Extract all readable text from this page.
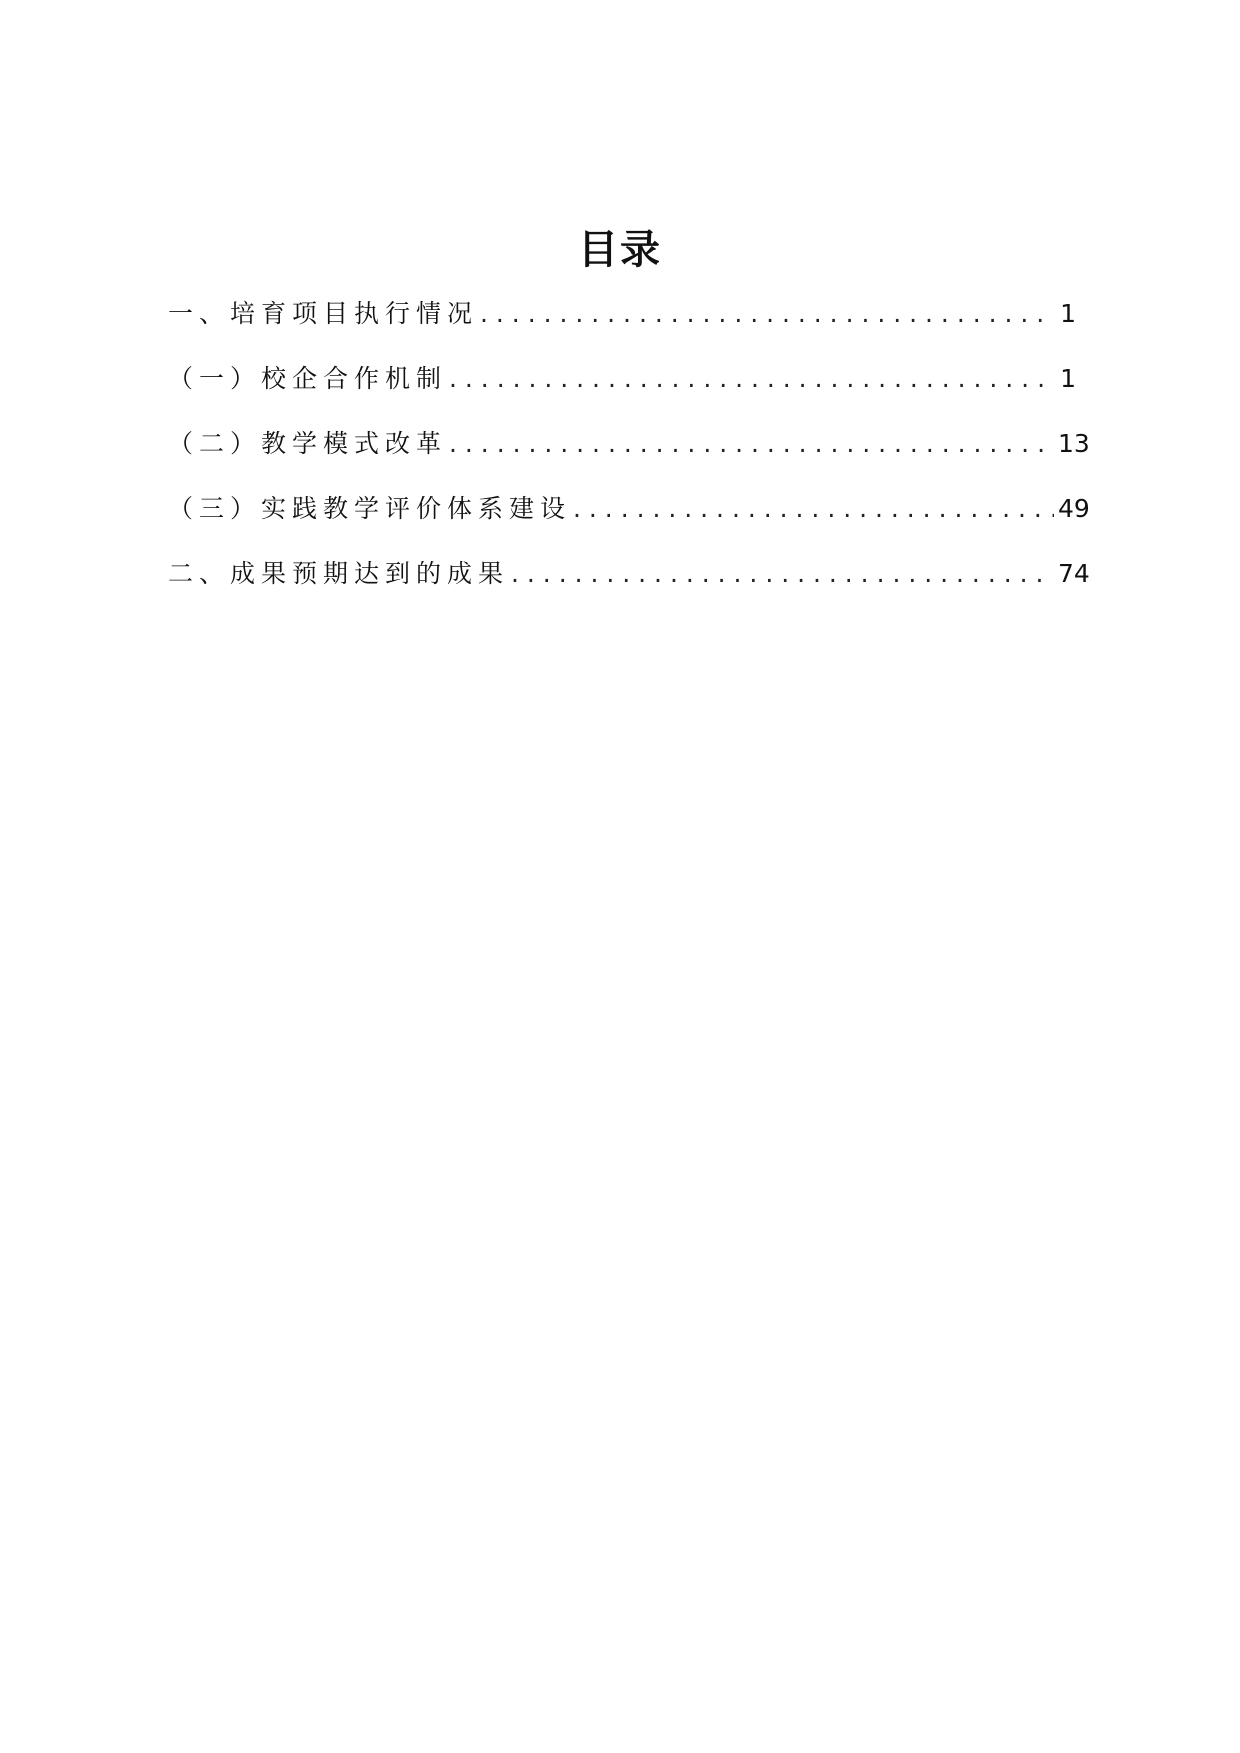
目录
一、培育项目执行情况 . . .	1
（一）校企合作机制 . . .	1
（二）教学模式改革 . . .	13
（三）实践教学评价体系建设 . . .	49
二、成果预期达到的成果 . . .	74
